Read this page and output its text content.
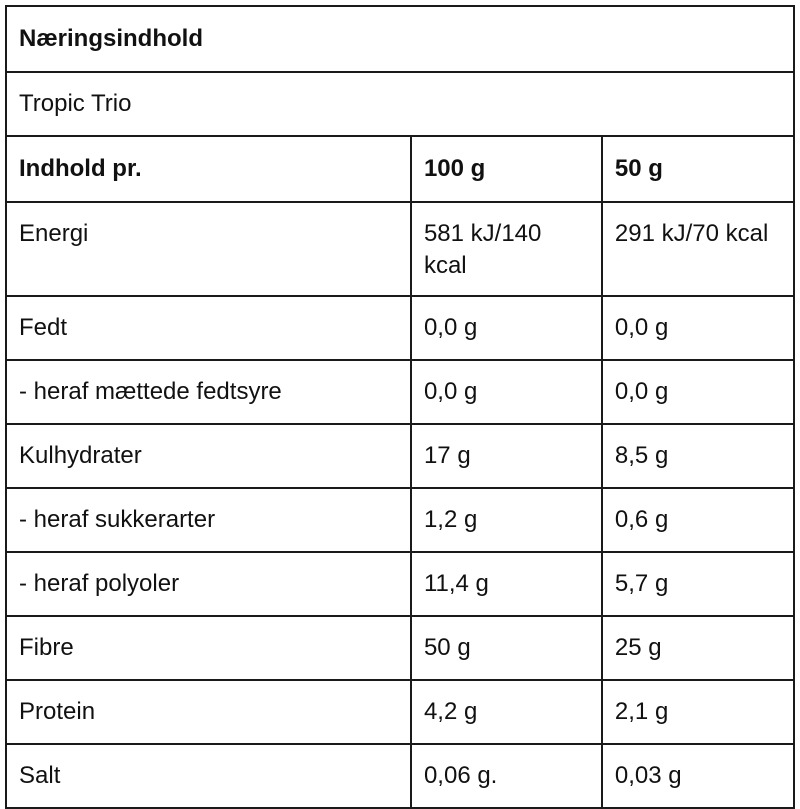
Næringsindhold		
Tropic Trio		
Indhold pr.	100 g	50 g
Energi	581 kJ/140 kcal	291 kJ/70 kcal
Fedt	0,0 g	0,0 g
- heraf mættede fedtsyre	0,0 g	0,0 g
Kulhydrater	17 g	8,5 g
- heraf sukkerarter	1,2 g	0,6 g
- heraf polyoler	11,4 g	5,7 g
Fibre	50 g	25 g
Protein	4,2 g	2,1 g
Salt	0,06 g.	0,03 g
